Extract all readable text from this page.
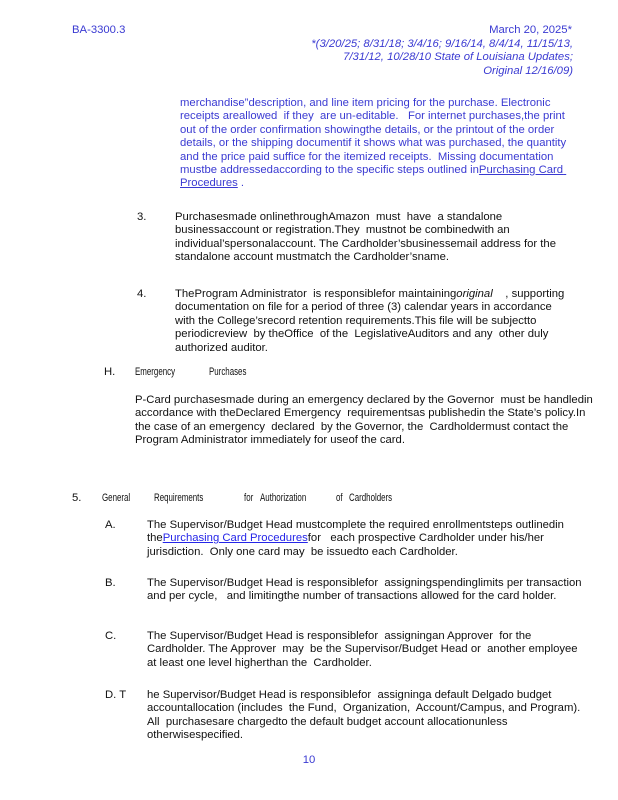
BA-3300.3	March 20, 2025*
*(3/20/25; 8/31/18; 3/4/16; 9/16/14, 8/4/14, 11/15/13,
7/31/12, 10/28/10 State of Louisiana Updates;
Original 12/16/09)
merchandise”description, and line item pricing for the purchase. Electronic receipts areallowed  if they  are un-editable.   For internet purchases,the print out of the order confirmation showingthe details, or the printout of the order details, or the shipping documentif it shows what was purchased, the quantity  and the price paid suffice for the itemized receipts.  Missing documentation mustbe addressedaccording to the specific steps outlined inPurchasing Card Procedures .
3.	Purchasesmade onlinethroughAmazon  must  have  a standalone businessaccount or registration.They  mustnot be combinedwith an individual’spersonalaccount. The Cardholder’sbusinessemail address for the standalone account mustmatch the Cardholder’sname.
4.	TheProgram Administrator  is responsiblefor maintainingoriginal    , supporting documentation on file for a period of three (3) calendar years in accordance with the College’srecord retention requirements.This file will be subjectto periodicreview  by theOffice  of the  LegislativeAuditors and any  other duly  authorized auditor.
H. Emergency	Purchases
P-Card purchasesmade during an emergency declared by the Governor  must be handledin accordance with theDeclared Emergency  requirementsas publishedin the State’s policy.In the case of an emergency  declared  by the Governor, the  Cardholdermust contact the Program Administrator immediately for useof the card.
5. General Requirements	for Authorization	of Cardholders
A.	The Supervisor/Budget Head mustcomplete the required enrollmentsteps outlinedin  thePurchasing Card Proceduresfor   each prospective Cardholder under his/her jurisdiction.  Only one card may  be issuedto each Cardholder.
B.	The Supervisor/Budget Head is responsiblefor  assigningspendinglimits per transaction and per cycle,   and limitingthe number of transactions allowed for the card holder.
C.	The Supervisor/Budget Head is responsiblefor  assigningan Approver  for the Cardholder. The Approver  may  be the Supervisor/Budget Head or  another employee at least one level higherthan the  Cardholder.
D. T	he Supervisor/Budget Head is responsiblefor  assigninga default Delgado budget accountallocation (includes  the Fund,  Organization,  Account/Campus, and Program).   All  purchasesare chargedto the default budget account allocationunless  otherwisespecified.
10
